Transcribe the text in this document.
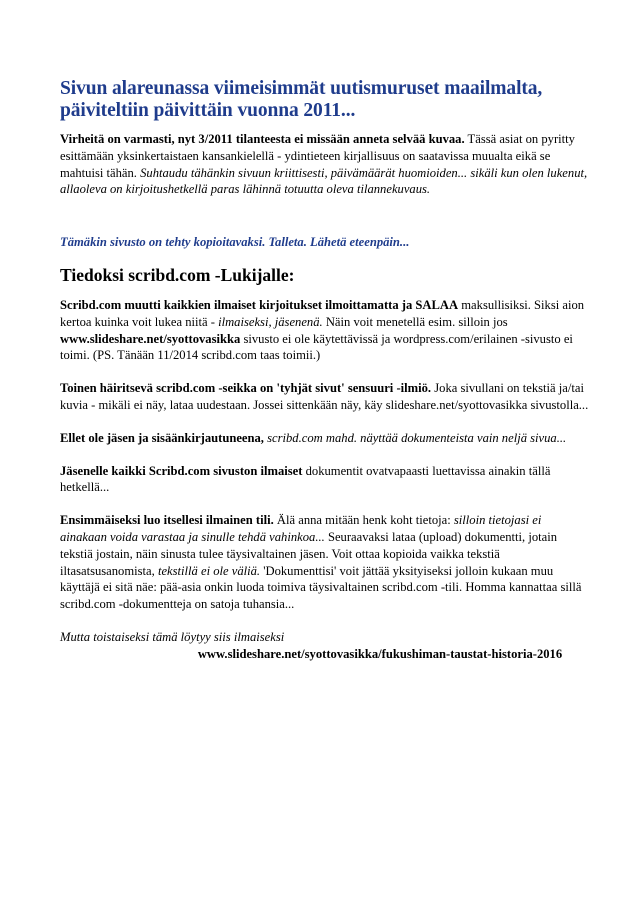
Sivun alareunassa viimeisimmät uutismuruset maailmalta,
päiviteltiin päivittäin vuonna 2011...

Virheitä on varmasti, nyt 3/2011 tilanteesta ei missään anneta selvää kuvaa. Tässä asiat on pyritty esittämään yksinkertaistaen kansankielellä - ydintieteen kirjallisuus on saatavissa muualta eikä se mahtuisi tähän. Suhtaudu tähänkin sivuun kriittisesti, päivämäärät huomioiden... sikäli kun olen lukenut, allaoleva on kirjoitushetkellä paras lähinnä totuutta oleva tilannekuvaus.

Tämäkin sivusto on tehty kopioitavaksi. Talleta. Lähetä eteenpäin...

Tiedoksi scribd.com -Lukijalle:

Scribd.com muutti kaikkien ilmaiset kirjoitukset ilmoittamatta ja SALAA maksullisiksi. Siksi aion kertoa kuinka voit lukea niitä - ilmaiseksi, jäsenenä. Näin voit menetellä esim. silloin jos www.slideshare.net/syottovasikka sivusto ei ole käytettävissä ja wordpress.com/erilainen -sivusto ei toimi. (PS. Tänään 11/2014 scribd.com taas toimii.)

Toinen häiritsevä scribd.com -seikka on 'tyhjät sivut' sensuuri -ilmiö. Joka sivullani on tekstiä ja/tai kuvia - mikäli ei näy, lataa uudestaan. Jossei sittenkään näy, käy slideshare.net/syottovasikka sivustolla...

Ellet ole jäsen ja sisäänkirjautuneena, scribd.com mahd. näyttää dokumenteista vain neljä sivua...

Jäsenelle kaikki Scribd.com sivuston ilmaiset dokumentit ovatvapaasti luettavissa ainakin tällä hetkellä...

Ensimmäiseksi luo itsellesi ilmainen tili. Älä anna mitään henk koht tietoja: silloin tietojasi ei ainakaan voida varastaa ja sinulle tehdä vahinkoa... Seuraavaksi lataa (upload) dokumentti, jotain tekstiä jostain, näin sinusta tulee täysivaltainen jäsen. Voit ottaa kopioida vaikka tekstiä iltasatsusanomista, tekstillä ei ole väliä. 'Dokumenttisi' voit jättää yksityiseksi jolloin kukaan muu käyttäjä ei sitä näe: pää-asia onkin luoda toimiva täysivaltainen scribd.com -tili. Homma kannattaa sillä scribd.com -dokumentteja on satoja tuhansia...

Mutta toistaiseksi tämä löytyy siis ilmaiseksi

www.slideshare.net/syottovasikka/fukushiman-taustat-historia-2016
